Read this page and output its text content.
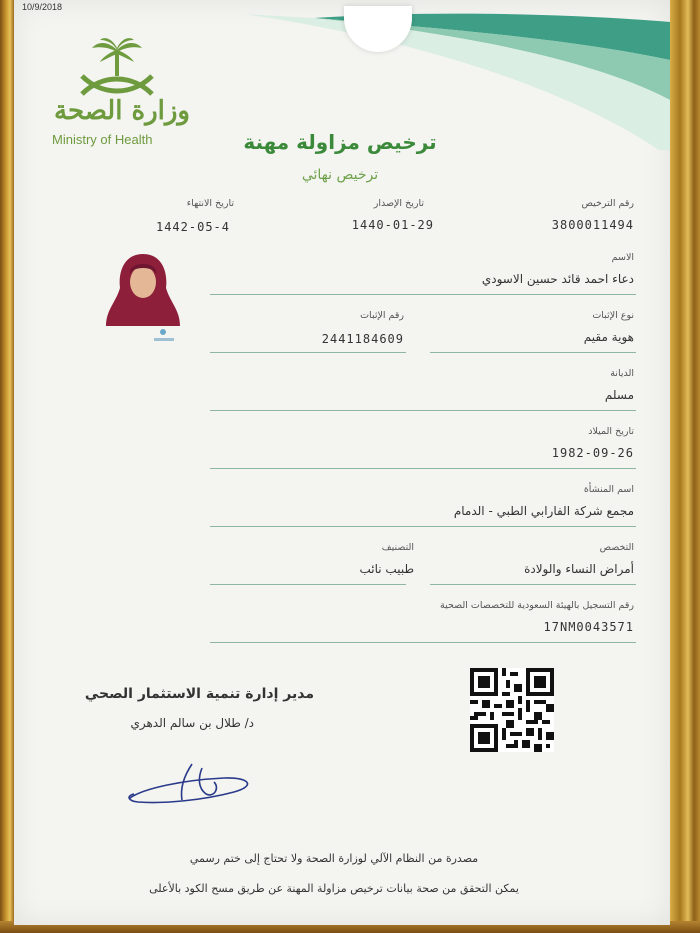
10/9/2018
وزارة الصحة
Ministry of Health	ترخيص مزاولة مهنة
ترخيص نهائي
رقم الترخيص
3800011494
تاريخ الإصدار
1440-01-29
تاريخ الانتهاء
1442-05-4
الاسم
دعاء احمد قائد حسين الاسودي
نوع الإثبات
هوية مقيم
رقم الإثبات
2441184609
الديانة
مسلم
تاريخ الميلاد
1982-09-26
اسم المنشأة
مجمع شركة الفارابي الطبي - الدمام
التخصص
أمراض النساء والولادة
التصنيف
طبيب نائب
رقم التسجيل بالهيئة السعودية للتخصصات الصحية
17NM0043571
مدير إدارة تنمية الاستثمار الصحي
د/ طلال بن سالم الدهري
مصدرة من النظام الآلي لوزارة الصحة ولا تحتاج إلى ختم رسمي
يمكن التحقق من صحة بيانات ترخيص مزاولة المهنة عن طريق مسح الكود بالأعلى
